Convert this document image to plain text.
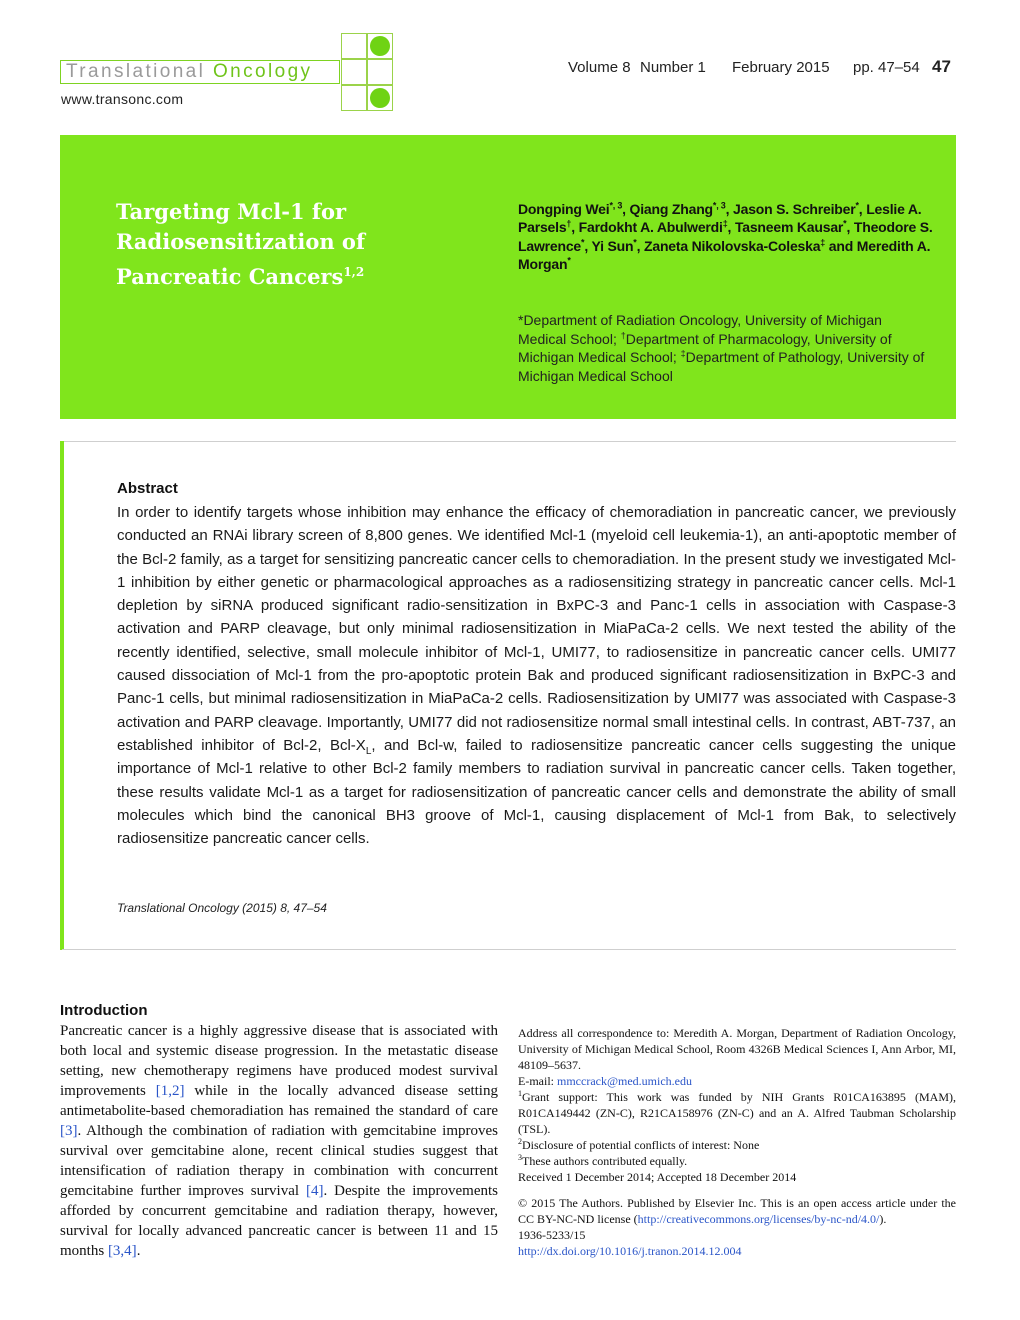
Translational Oncology
www.transonc.com
Volume 8 Number 1 February 2015 pp. 47–54 47
Targeting Mcl-1 for Radiosensitization of Pancreatic Cancers$^{1,2}$
Dongping Wei$^{*, 3}$, Qiang Zhang$^{*, 3}$, Jason S. Schreiber*, Leslie A. Parsels†, Fardokht A. Abulwerdi‡, Tasneem Kausar*, Theodore S. Lawrence*, Yi Sun*, Zaneta Nikolovska-Coleska‡ and Meredith A. Morgan*
*Department of Radiation Oncology, University of Michigan Medical School; †Department of Pharmacology, University of Michigan Medical School; ‡Department of Pathology, University of Michigan Medical School
Abstract
In order to identify targets whose inhibition may enhance the efficacy of chemoradiation in pancreatic cancer, we previously conducted an RNAi library screen of 8,800 genes. We identified Mcl-1 (myeloid cell leukemia-1), an anti-apoptotic member of the Bcl-2 family, as a target for sensitizing pancreatic cancer cells to chemoradiation. In the present study we investigated Mcl-1 inhibition by either genetic or pharmacological approaches as a radiosensitizing strategy in pancreatic cancer cells. Mcl-1 depletion by siRNA produced significant radio-sensitization in BxPC-3 and Panc-1 cells in association with Caspase-3 activation and PARP cleavage, but only minimal radiosensitization in MiaPaCa-2 cells. We next tested the ability of the recently identified, selective, small molecule inhibitor of Mcl-1, UMI77, to radiosensitize in pancreatic cancer cells. UMI77 caused dissociation of Mcl-1 from the pro-apoptotic protein Bak and produced significant radiosensitization in BxPC-3 and Panc-1 cells, but minimal radiosensitization in MiaPaCa-2 cells. Radiosensitization by UMI77 was associated with Caspase-3 activation and PARP cleavage. Importantly, UMI77 did not radiosensitize normal small intestinal cells. In contrast, ABT-737, an established inhibitor of Bcl-2, Bcl-$X_L$, and Bcl-w, failed to radiosensitize pancreatic cancer cells suggesting the unique importance of Mcl-1 relative to other Bcl-2 family members to radiation survival in pancreatic cancer cells. Taken together, these results validate Mcl-1 as a target for radiosensitization of pancreatic cancer cells and demonstrate the ability of small molecules which bind the canonical BH3 groove of Mcl-1, causing displacement of Mcl-1 from Bak, to selectively radiosensitize pancreatic cancer cells.
Translational Oncology (2015) 8, 47–54
Introduction
Pancreatic cancer is a highly aggressive disease that is associated with both local and systemic disease progression. In the metastatic disease setting, new chemotherapy regimens have produced modest survival improvements [1,2] while in the locally advanced disease setting antimetabolite-based chemoradiation has remained the standard of care [3]. Although the combination of radiation with gemcitabine improves survival over gemcitabine alone, recent clinical studies suggest that intensification of radiation therapy in combination with concurrent gemcitabine further improves survival [4]. Despite the improvements afforded by concurrent gemcitabine and radiation therapy, however, survival for locally advanced pancreatic cancer is between 11 and 15 months [3,4].

Address all correspondence to: Meredith A. Morgan, Department of Radiation Oncology, University of Michigan Medical School, Room 4326B Medical Sciences I, Ann Arbor, MI, 48109–5637.

E-mail: mmccrack@med.umich.edu

$^1$Grant support: This work was funded by NIH Grants R01CA163895 (MAM), R01CA149442 (ZN-C), R21CA158976 (ZN-C) and an A. Alfred Taubman Scholarship (TSL).

$^2$Disclosure of potential conflicts of interest: None

$^3$These authors contributed equally.

Received 1 December 2014; Accepted 18 December 2014

© 2015 The Authors. Published by Elsevier Inc. This is an open access article under the CC BY-NC-ND license (http://creativecommons.org/licenses/by-nc-nd/4.0/).

1936-5233/15

http://dx.doi.org/10.1016/j.tranon.2014.12.004
